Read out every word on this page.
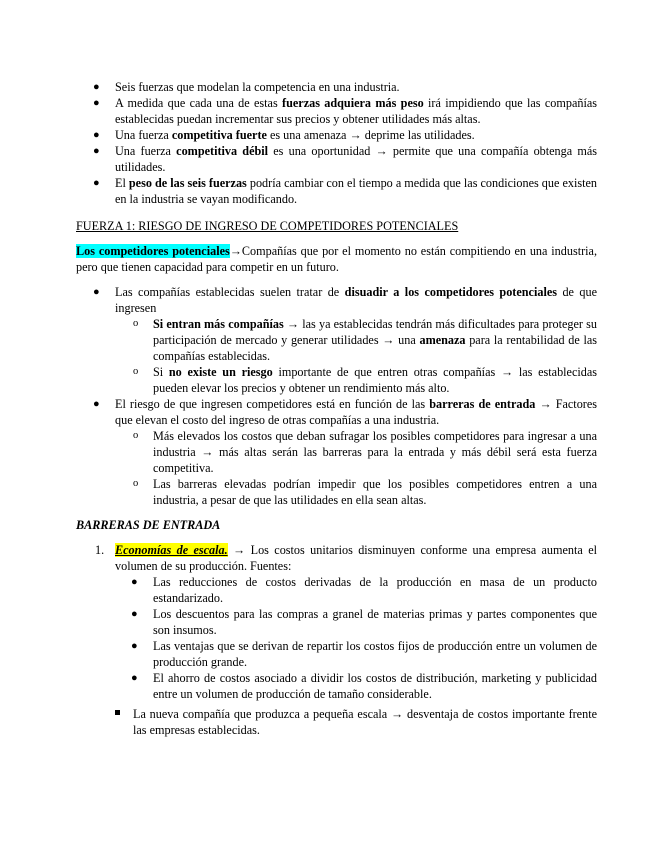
● Seis fuerzas que modelan la competencia en una industria.
● A medida que cada una de estas fuerzas adquiera más peso irá impidiendo que las compañías establecidas puedan incrementar sus precios y obtener utilidades más altas.
● Una fuerza competitiva fuerte es una amenaza → deprime las utilidades.
● Una fuerza competitiva débil es una oportunidad → permite que una compañía obtenga más utilidades.
● El peso de las seis fuerzas podría cambiar con el tiempo a medida que las condiciones que existen en la industria se vayan modificando.
FUERZA 1: RIESGO DE INGRESO DE COMPETIDORES POTENCIALES
Los competidores potenciales→Compañías que por el momento no están compitiendo en una industria, pero que tienen capacidad para competir en un futuro.
● Las compañías establecidas suelen tratar de disuadir a los competidores potenciales de que ingresen
o Si entran más compañías → las ya establecidas tendrán más dificultades para proteger su participación de mercado y generar utilidades → una amenaza para la rentabilidad de las compañías establecidas.
o Si no existe un riesgo importante de que entren otras compañías → las establecidas pueden elevar los precios y obtener un rendimiento más alto.
● El riesgo de que ingresen competidores está en función de las barreras de entrada → Factores que elevan el costo del ingreso de otras compañías a una industria.
o Más elevados los costos que deban sufragar los posibles competidores para ingresar a una industria → más altas serán las barreras para la entrada y más débil será esta fuerza competitiva.
o Las barreras elevadas podrían impedir que los posibles competidores entren a una industria, a pesar de que las utilidades en ella sean altas.
BARRERAS DE ENTRADA
1. Economías de escala. → Los costos unitarios disminuyen conforme una empresa aumenta el volumen de su producción. Fuentes:
● Las reducciones de costos derivadas de la producción en masa de un producto estandarizado.
● Los descuentos para las compras a granel de materias primas y partes componentes que son insumos.
● Las ventajas que se derivan de repartir los costos fijos de producción entre un volumen de producción grande.
● El ahorro de costos asociado a dividir los costos de distribución, marketing y publicidad entre un volumen de producción de tamaño considerable.
La nueva compañía que produzca a pequeña escala → desventaja de costos importante frente las empresas establecidas.
